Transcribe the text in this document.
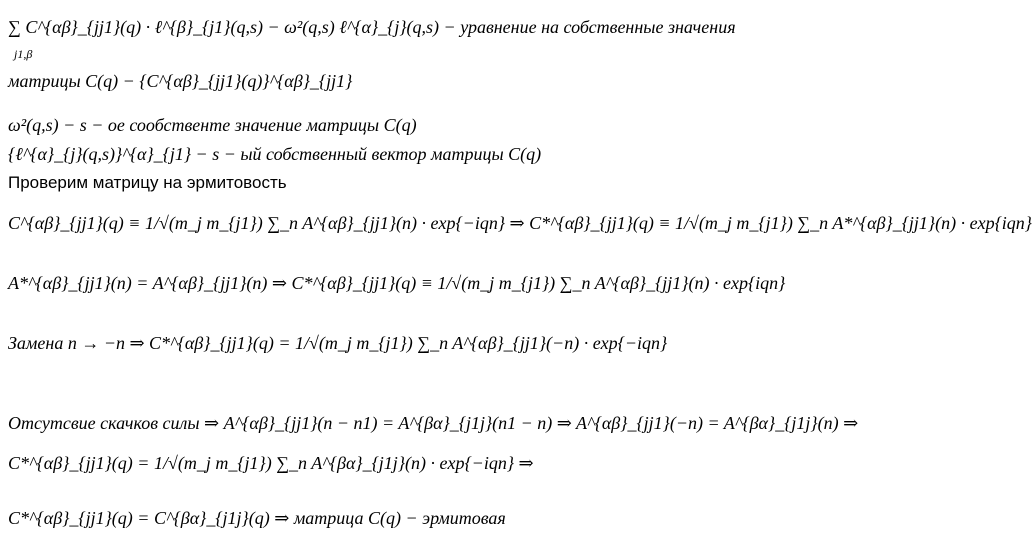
∑ C^{αβ}_{jj1}(q) · ℓ^{β}_{j1}(q,s) − ω²(q,s) ℓ^{α}_{j}(q,s) − уравнение на собственные значения
j1,β
матрицы C(q) − {C^{αβ}_{jj1}(q)}^{αβ}_{jj1}
ω²(q,s) − s − ое сообственте значение матрицы C(q)
{ℓ^{α}_{j}(q,s)}^{α}_{j1} − s − ый собственный вектор матрицы C(q)
Проверим матрицу на эрмитовость
C^{αβ}_{jj1}(q) ≡ 1/√(m_j m_{j1}) ∑_n A^{αβ}_{jj1}(n) · exp{−iqn} ⇒ C*^{αβ}_{jj1}(q) ≡ 1/√(m_j m_{j1}) ∑_n A*^{αβ}_{jj1}(n) · exp{iqn}
A*^{αβ}_{jj1}(n) = A^{αβ}_{jj1}(n) ⇒ C*^{αβ}_{jj1}(q) ≡ 1/√(m_j m_{j1}) ∑_n A^{αβ}_{jj1}(n) · exp{iqn}
Замена n → −n ⇒ C*^{αβ}_{jj1}(q) = 1/√(m_j m_{j1}) ∑_n A^{αβ}_{jj1}(−n) · exp{−iqn}
Отсутсвие скачков силы ⇒ A^{αβ}_{jj1}(n − n1) = A^{βα}_{j1j}(n1 − n) ⇒ A^{αβ}_{jj1}(−n) = A^{βα}_{j1j}(n) ⇒
C*^{αβ}_{jj1}(q) = 1/√(m_j m_{j1}) ∑_n A^{βα}_{j1j}(n) · exp{−iqn} ⇒
C*^{αβ}_{jj1}(q) = C^{βα}_{j1j}(q) ⇒ матрица C(q) − эрмитовая
